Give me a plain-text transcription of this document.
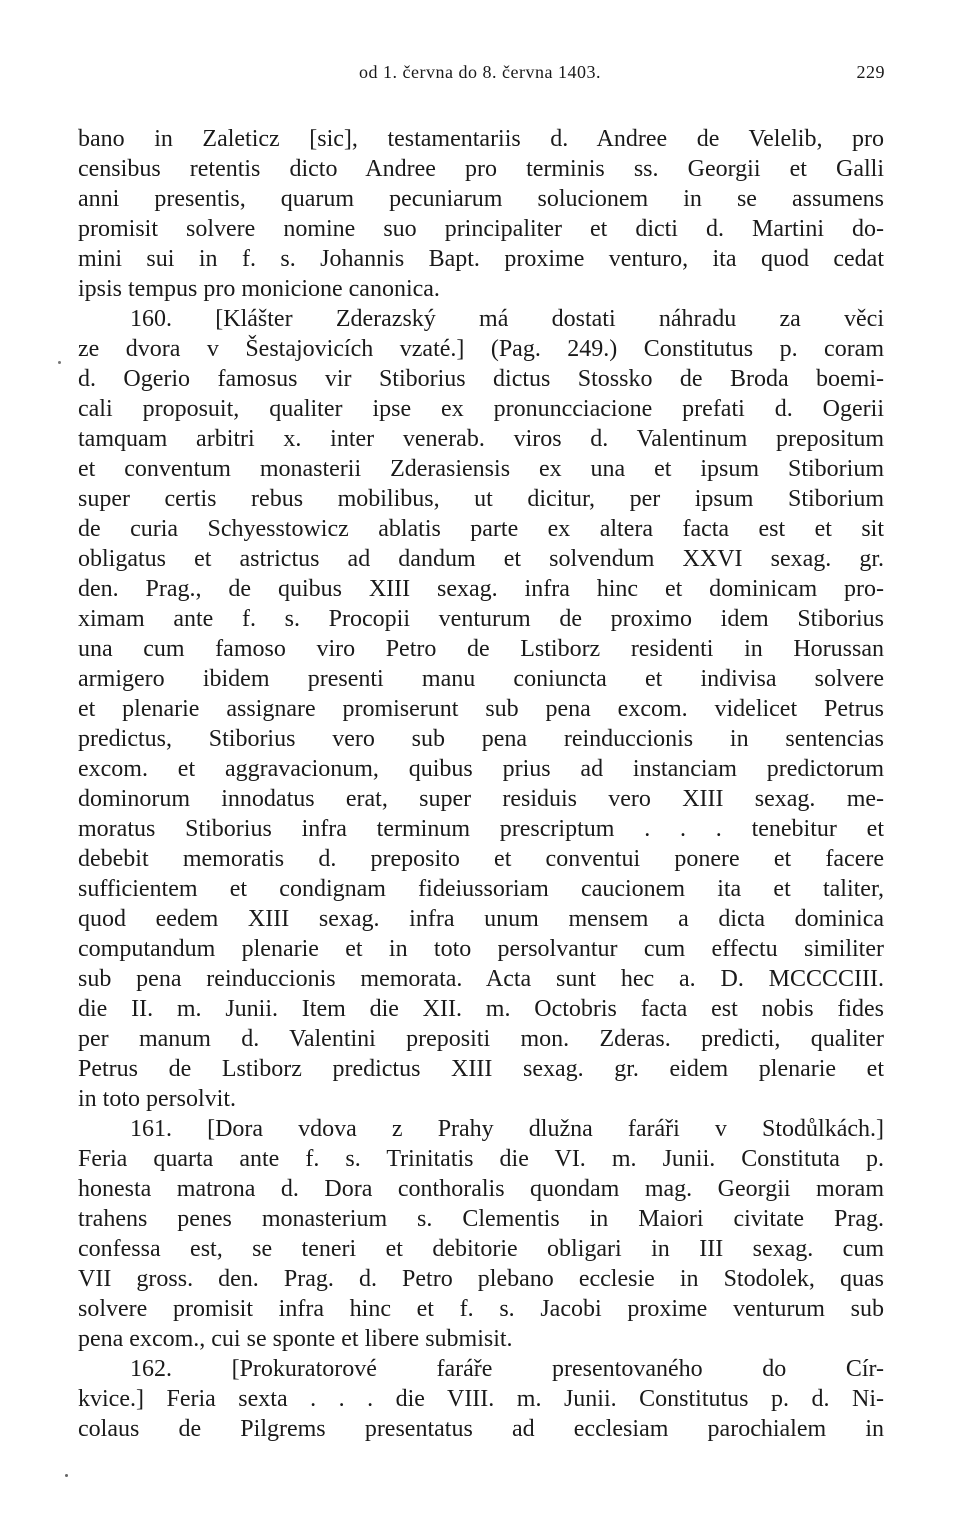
od 1. června do 8. června 1403.	229
bano in Zaleticz [sic], testamentariis d. Andree de Velelib, pro
censibus retentis dicto Andree pro terminis ss. Georgii et Galli
anni presentis, quarum pecuniarum solucionem in se assumens
promisit solvere nomine suo principaliter et dicti d. Martini do-
mini sui in f. s. Johannis Bapt. proxime venturo, ita quod cedat
ipsis tempus pro monicione canonica.
160. [Klášter Zderazský má dostati náhradu za věci
ze dvora v Šestajovicích vzaté.] (Pag. 249.) Constitutus p. coram
d. Ogerio famosus vir Stiborius dictus Stossko de Broda boemi-
cali proposuit, qualiter ipse ex pronuncciacione prefati d. Ogerii
tamquam arbitri x. inter venerab. viros d. Valentinum prepositum
et conventum monasterii Zderasiensis ex una et ipsum Stiborium
super certis rebus mobilibus, ut dicitur, per ipsum Stiborium
de curia Schyesstowicz ablatis parte ex altera facta est et sit
obligatus et astrictus ad dandum et solvendum XXVI sexag. gr.
den. Prag., de quibus XIII sexag. infra hinc et dominicam pro-
ximam ante f. s. Procopii venturum de proximo idem Stiborius
una cum famoso viro Petro de Lstiborz residenti in Horussan
armigero ibidem presenti manu coniuncta et indivisa solvere
et plenarie assignare promiserunt sub pena excom. videlicet Petrus
predictus, Stiborius vero sub pena reinduccionis in sentencias
excom. et aggravacionum, quibus prius ad instanciam predictorum
dominorum innodatus erat, super residuis vero XIII sexag. me-
moratus Stiborius infra terminum prescriptum . . . tenebitur et
debebit memoratis d. preposito et conventui ponere et facere
sufficientem et condignam fideiussoriam caucionem ita et taliter,
quod eedem XIII sexag. infra unum mensem a dicta dominica
computandum plenarie et in toto persolvantur cum effectu similiter
sub pena reinduccionis memorata. Acta sunt hec a. D. MCCCCIII.
die II. m. Junii. Item die XII. m. Octobris facta est nobis fides
per manum d. Valentini prepositi mon. Zderas. predicti, qualiter
Petrus de Lstiborz predictus XIII sexag. gr. eidem plenarie et
in toto persolvit.
161. [Dora vdova z Prahy dlužna faráři v Stodůlkách.]
Feria quarta ante f. s. Trinitatis die VI. m. Junii. Constituta p.
honesta matrona d. Dora conthoralis quondam mag. Georgii moram
trahens penes monasterium s. Clementis in Maiori civitate Prag.
confessa est, se teneri et debitorie obligari in III sexag. cum
VII gross. den. Prag. d. Petro plebano ecclesie in Stodolek, quas
solvere promisit infra hinc et f. s. Jacobi proxime venturum sub
pena excom., cui se sponte et libere submisit.
162. [Prokuratorové faráře presentovaného do Cír-
kvice.] Feria sexta . . . die VIII. m. Junii. Constitutus p. d. Ni-
colaus de Pilgrems presentatus ad ecclesiam parochialem in
